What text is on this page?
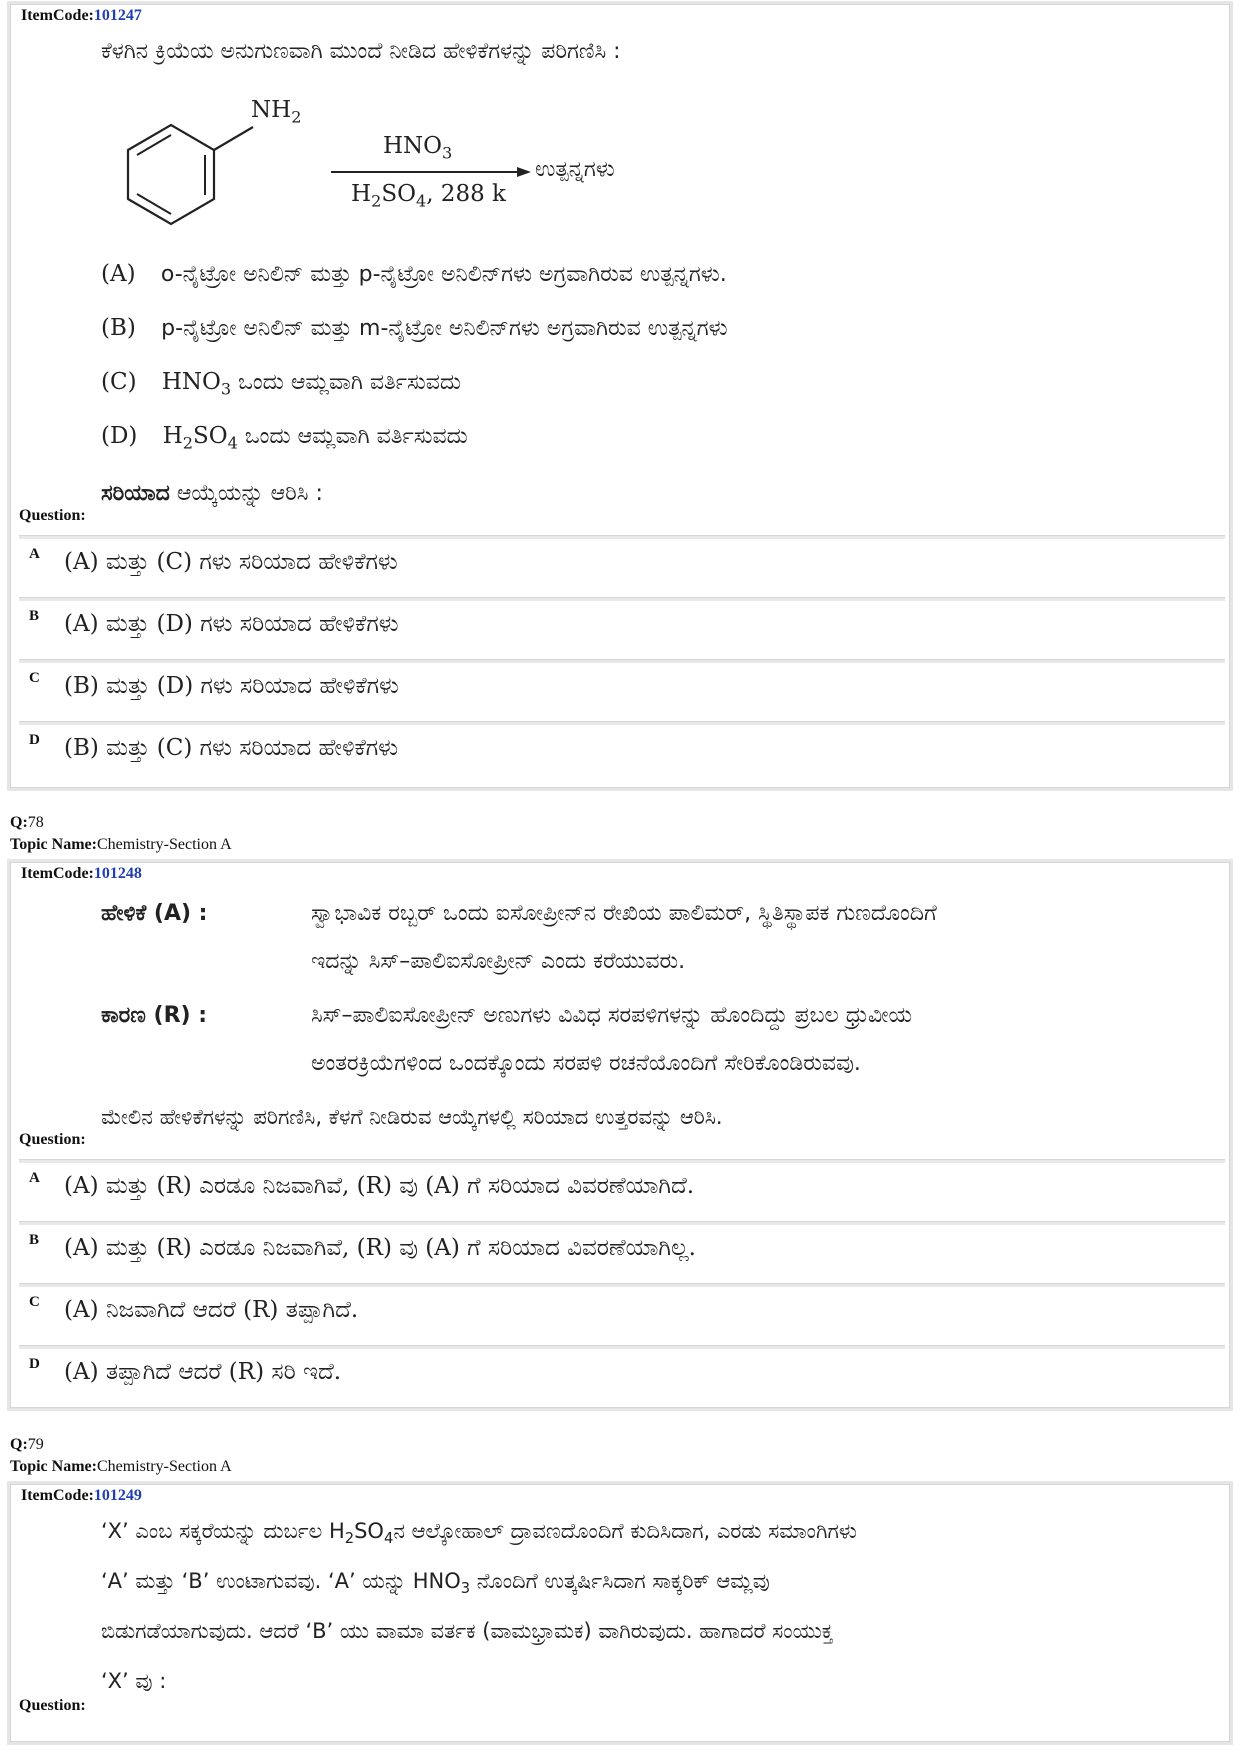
ItemCode:101247
ಕೆಳಗಿನ ಕ್ರಿಯೆಯ ಅನುಗುಣವಾಗಿ ಮುಂದೆ ನೀಡಿದ ಹೇಳಿಕೆಗಳನ್ನು ಪರಿಗಣಿಸಿ :
$NH_2$
$HNO_3$
$H_2SO_4$, 288 k
ಉತ್ಪನ್ನಗಳು
(A) o-ನೈಟ್ರೋ ಅನಿಲಿನ್ ಮತ್ತು p-ನೈಟ್ರೋ ಅನಿಲಿನ್‌ಗಳು ಅಗ್ರವಾಗಿರುವ ಉತ್ಪನ್ನಗಳು.
(B) p-ನೈಟ್ರೋ ಅನಿಲಿನ್ ಮತ್ತು m-ನೈಟ್ರೋ ಅನಿಲಿನ್‌ಗಳು ಅಗ್ರವಾಗಿರುವ ಉತ್ಪನ್ನಗಳು
(C) $HNO_3$ ಒಂದು ಆಮ್ಲವಾಗಿ ವರ್ತಿಸುವದು
(D) $H_2SO_4$ ಒಂದು ಆಮ್ಲವಾಗಿ ವರ್ತಿಸುವದು
ಸರಿಯಾದ ಆಯ್ಕೆಯನ್ನು ಆರಿಸಿ :
Question:
A (A) ಮತ್ತು (C) ಗಳು ಸರಿಯಾದ ಹೇಳಿಕೆಗಳು
B (A) ಮತ್ತು (D) ಗಳು ಸರಿಯಾದ ಹೇಳಿಕೆಗಳು
C (B) ಮತ್ತು (D) ಗಳು ಸರಿಯಾದ ಹೇಳಿಕೆಗಳು
D (B) ಮತ್ತು (C) ಗಳು ಸರಿಯಾದ ಹೇಳಿಕೆಗಳು
Q:78
Topic Name:Chemistry-Section A
ItemCode:101248
ಹೇಳಿಕೆ (A) :	ಸ್ವಾಭಾವಿಕ ರಬ್ಬರ್ ಒಂದು ಐಸೋಪ್ರೀನ್‌ನ ರೇಖಿಯ ಪಾಲಿಮರ್, ಸ್ಥಿತಿಸ್ಥಾಪಕ ಗುಣದೊಂದಿಗೆ
ಇದನ್ನು ಸಿಸ್–ಪಾಲಿಐಸೋಪ್ರೀನ್ ಎಂದು ಕರೆಯುವರು.
ಕಾರಣ (R) :	ಸಿಸ್–ಪಾಲಿಐಸೋಪ್ರೀನ್ ಅಣುಗಳು ವಿವಿಧ ಸರಪಳಿಗಳನ್ನು ಹೊಂದಿದ್ದು ಪ್ರಬಲ ಧ್ರುವೀಯ
ಅಂತರಕ್ರಿಯೆಗಳಿಂದ ಒಂದಕ್ಕೊಂದು ಸರಪಳಿ ರಚನೆಯೊಂದಿಗೆ ಸೇರಿಕೊಂಡಿರುವವು.
ಮೇಲಿನ ಹೇಳಿಕೆಗಳನ್ನು ಪರಿಗಣಿಸಿ, ಕೆಳಗೆ ನೀಡಿರುವ ಆಯ್ಕೆಗಳಲ್ಲಿ ಸರಿಯಾದ ಉತ್ತರವನ್ನು ಆರಿಸಿ.
Question:
A (A) ಮತ್ತು (R) ಎರಡೂ ನಿಜವಾಗಿವೆ, (R) ವು (A) ಗೆ ಸರಿಯಾದ ವಿವರಣೆಯಾಗಿದೆ.
B (A) ಮತ್ತು (R) ಎರಡೂ ನಿಜವಾಗಿವೆ, (R) ವು (A) ಗೆ ಸರಿಯಾದ ವಿವರಣೆಯಾಗಿಲ್ಲ.
C (A) ನಿಜವಾಗಿದೆ ಆದರೆ (R) ತಪ್ಪಾಗಿದೆ.
D (A) ತಪ್ಪಾಗಿದೆ ಆದರೆ (R) ಸರಿ ಇದೆ.
Q:79
Topic Name:Chemistry-Section A
ItemCode:101249
‘X’ ಎಂಬ ಸಕ್ಕರೆಯನ್ನು ದುರ್ಬಲ $H_2SO_4ನ$ ಆಲ್ಕೋಹಾಲ್ ದ್ರಾವಣದೊಂದಿಗೆ ಕುದಿಸಿದಾಗ, ಎರಡು ಸಮಾಂಗಿಗಳು
‘A’ ಮತ್ತು ‘B’ ಉಂಟಾಗುವವು. ‘A’ ಯನ್ನು $HNO_3$ ನೊಂದಿಗೆ ಉತ್ಕರ್ಷಿಸಿದಾಗ ಸಾಕ್ಕರಿಕ್ ಆಮ್ಲವು
ಬಿಡುಗಡೆಯಾಗುವುದು. ಆದರೆ ‘B’ ಯು ವಾಮಾ ವರ್ತಕ (ವಾಮಭ್ರಾಮಕ) ವಾಗಿರುವುದು. ಹಾಗಾದರೆ ಸಂಯುಕ್ತ
‘X’ ವು :
Question:
